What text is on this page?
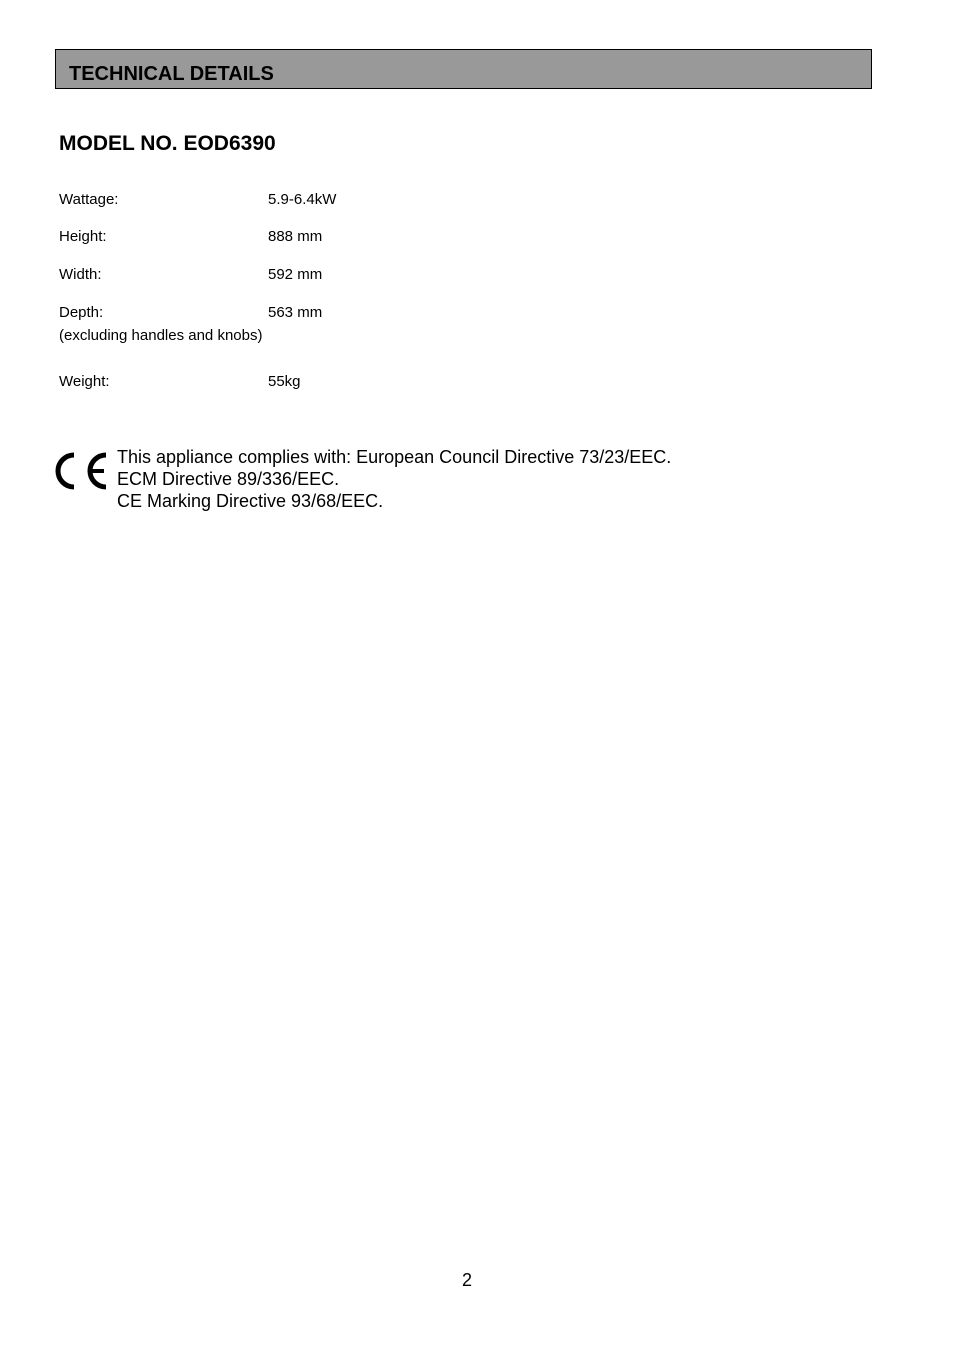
TECHNICAL DETAILS
MODEL NO. EOD6390
Wattage:	5.9-6.4kW
Height:	888 mm
Width:	592 mm
Depth:	563 mm
(excluding handles and knobs)
Weight:	55kg
This appliance complies with: European Council Directive 73/23/EEC.
ECM Directive 89/336/EEC.
CE Marking Directive 93/68/EEC.
2
